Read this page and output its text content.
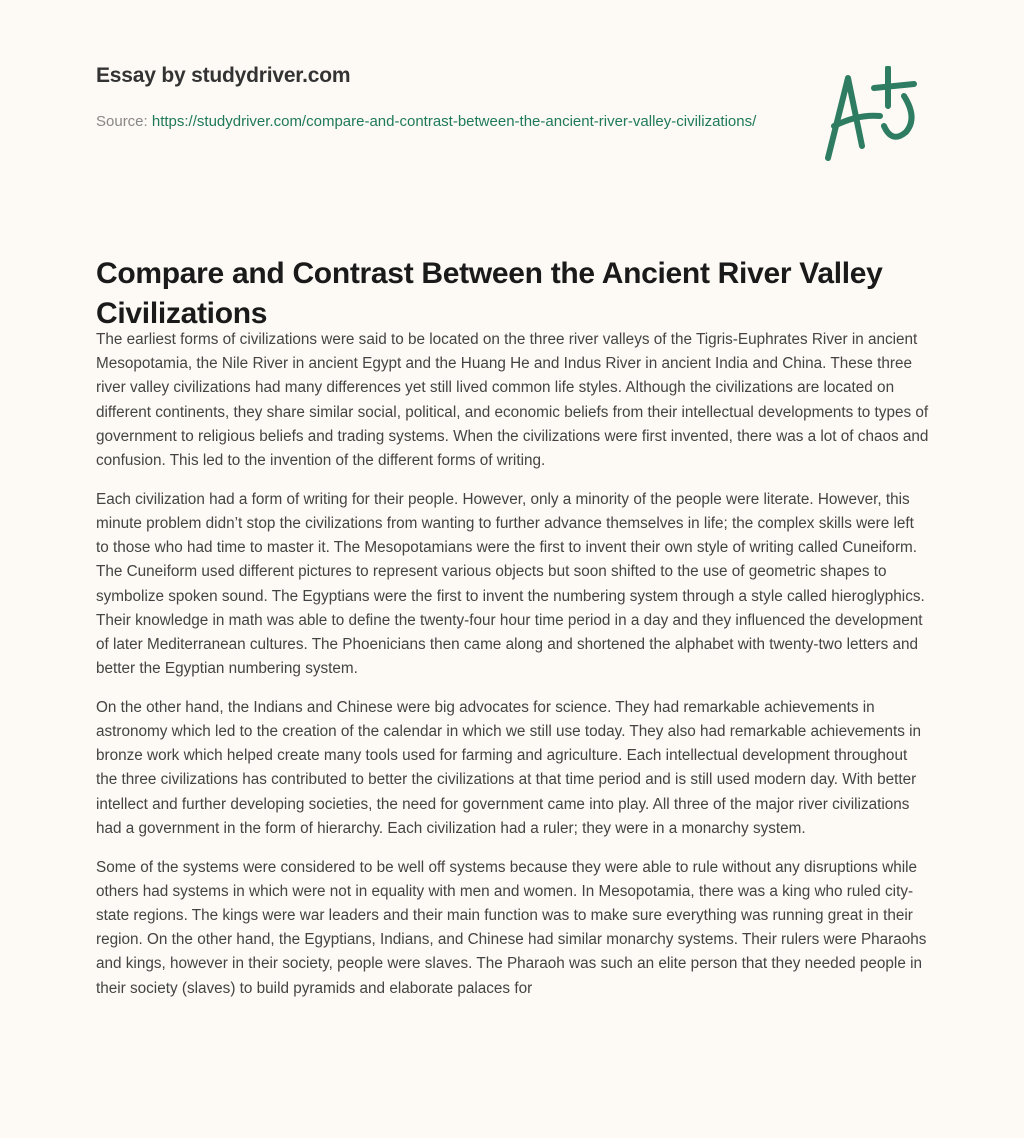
Essay by studydriver.com
Source: https://studydriver.com/compare-and-contrast-between-the-ancient-river-valley-civilizations/
Compare and Contrast Between the Ancient River Valley Civilizations

The earliest forms of civilizations were said to be located on the three river valleys of the Tigris-Euphrates River in ancient Mesopotamia, the Nile River in ancient Egypt and the Huang He and Indus River in ancient India and China. These three river valley civilizations had many differences yet still lived common life styles. Although the civilizations are located on different continents, they share similar social, political, and economic beliefs from their intellectual developments to types of government to religious beliefs and trading systems. When the civilizations were first invented, there was a lot of chaos and confusion. This led to the invention of the different forms of writing.

Each civilization had a form of writing for their people. However, only a minority of the people were literate. However, this minute problem didn’t stop the civilizations from wanting to further advance themselves in life; the complex skills were left to those who had time to master it. The Mesopotamians were the first to invent their own style of writing called Cuneiform. The Cuneiform used different pictures to represent various objects but soon shifted to the use of geometric shapes to symbolize spoken sound. The Egyptians were the first to invent the numbering system through a style called hieroglyphics. Their knowledge in math was able to define the twenty-four hour time period in a day and they influenced the development of later Mediterranean cultures. The Phoenicians then came along and shortened the alphabet with twenty-two letters and better the Egyptian numbering system.

On the other hand, the Indians and Chinese were big advocates for science. They had remarkable achievements in astronomy which led to the creation of the calendar in which we still use today. They also had remarkable achievements in bronze work which helped create many tools used for farming and agriculture. Each intellectual development throughout the three civilizations has contributed to better the civilizations at that time period and is still used modern day. With better intellect and further developing societies, the need for government came into play. All three of the major river civilizations had a government in the form of hierarchy. Each civilization had a ruler; they were in a monarchy system.

Some of the systems were considered to be well off systems because they were able to rule without any disruptions while others had systems in which were not in equality with men and women. In Mesopotamia, there was a king who ruled city-state regions. The kings were war leaders and their main function was to make sure everything was running great in their region. On the other hand, the Egyptians, Indians, and Chinese had similar monarchy systems. Their rulers were Pharaohs and kings, however in their society, people were slaves. The Pharaoh was such an elite person that they needed people in their society (slaves) to build pyramids and elaborate palaces for
